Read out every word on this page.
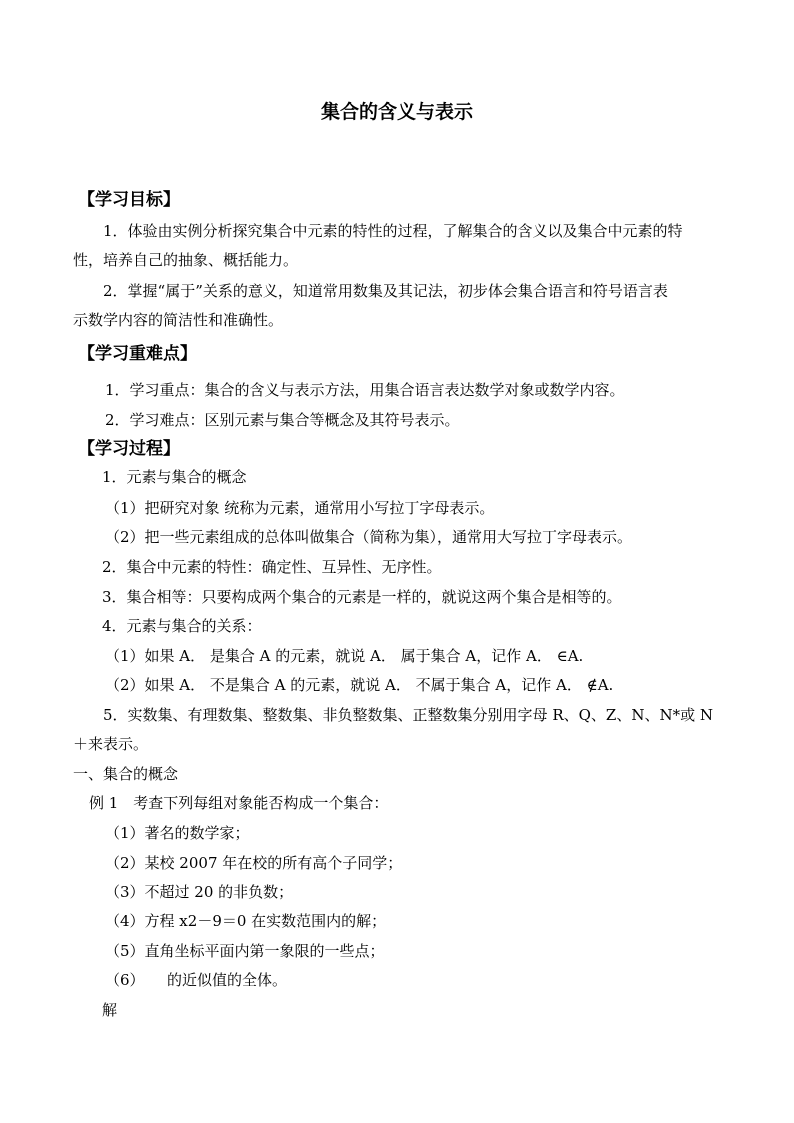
集合的含义与表示
【学习目标】
1．体验由实例分析探究集合中元素的特性的过程，了解集合的含义以及集合中元素的特
性，培养自己的抽象、概括能力。
2．掌握“属于”关系的意义，知道常用数集及其记法，初步体会集合语言和符号语言表
示数学内容的简洁性和准确性。
【学习重难点】
1．学习重点：集合的含义与表示方法，用集合语言表达数学对象或数学内容。
2．学习难点：区别元素与集合等概念及其符号表示。
【学习过程】
1．元素与集合的概念
（1）把研究对象 统称为元素，通常用小写拉丁字母表示。
（2）把一些元素组成的总体叫做集合（简称为集），通常用大写拉丁字母表示。
2．集合中元素的特性：确定性、互异性、无序性。
3．集合相等：只要构成两个集合的元素是一样的，就说这两个集合是相等的。
4．元素与集合的关系：
（1）如果 A． 是集合 A 的元素，就说 A． 属于集合 A，记作 A． ∈A.
（2）如果 A． 不是集合 A 的元素，就说 A． 不属于集合 A，记作 A． ∉A.
5．实数集、有理数集、整数集、非负整数集、正整数集分别用字母 R、Q、Z、N、N*或 N
＋来表示。
一、集合的概念
例 1　考查下列每组对象能否构成一个集合：
（1）著名的数学家；
（2）某校 2007 年在校的所有高个子同学；
（3）不超过 20 的非负数；
（4）方程 x2－9＝0 在实数范围内的解；
（5）直角坐标平面内第一象限的一些点；
（6）　　的近似值的全体。
解
